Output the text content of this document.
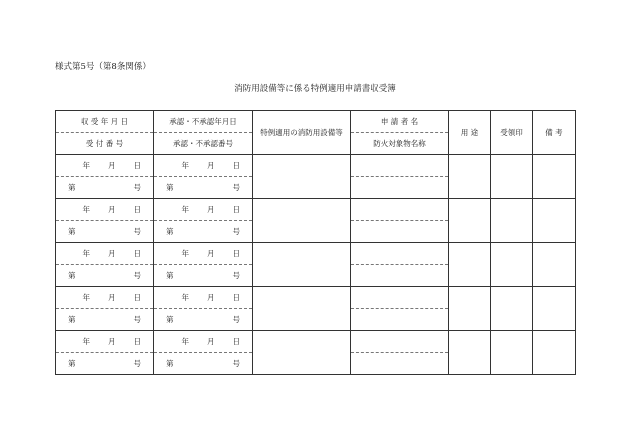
様式第5号（第8条関係）
消防用設備等に係る特例適用申請書収受簿
収 受 年 月 日	承認・不承認年月日	特例適用の消防用設備等	申 請 者 名	用 途	受領印	備 考
受 付 番 号	承認・不承認番号		防火対象物名称			
年 月 日	年 月 日					
第 号	第 号					

年 月 日	年 月 日					
第 号	第 号					

年 月 日	年 月 日					
第 号	第 号					

年 月 日	年 月 日					
第 号	第 号					

年 月 日	年 月 日					
第 号	第 号					
